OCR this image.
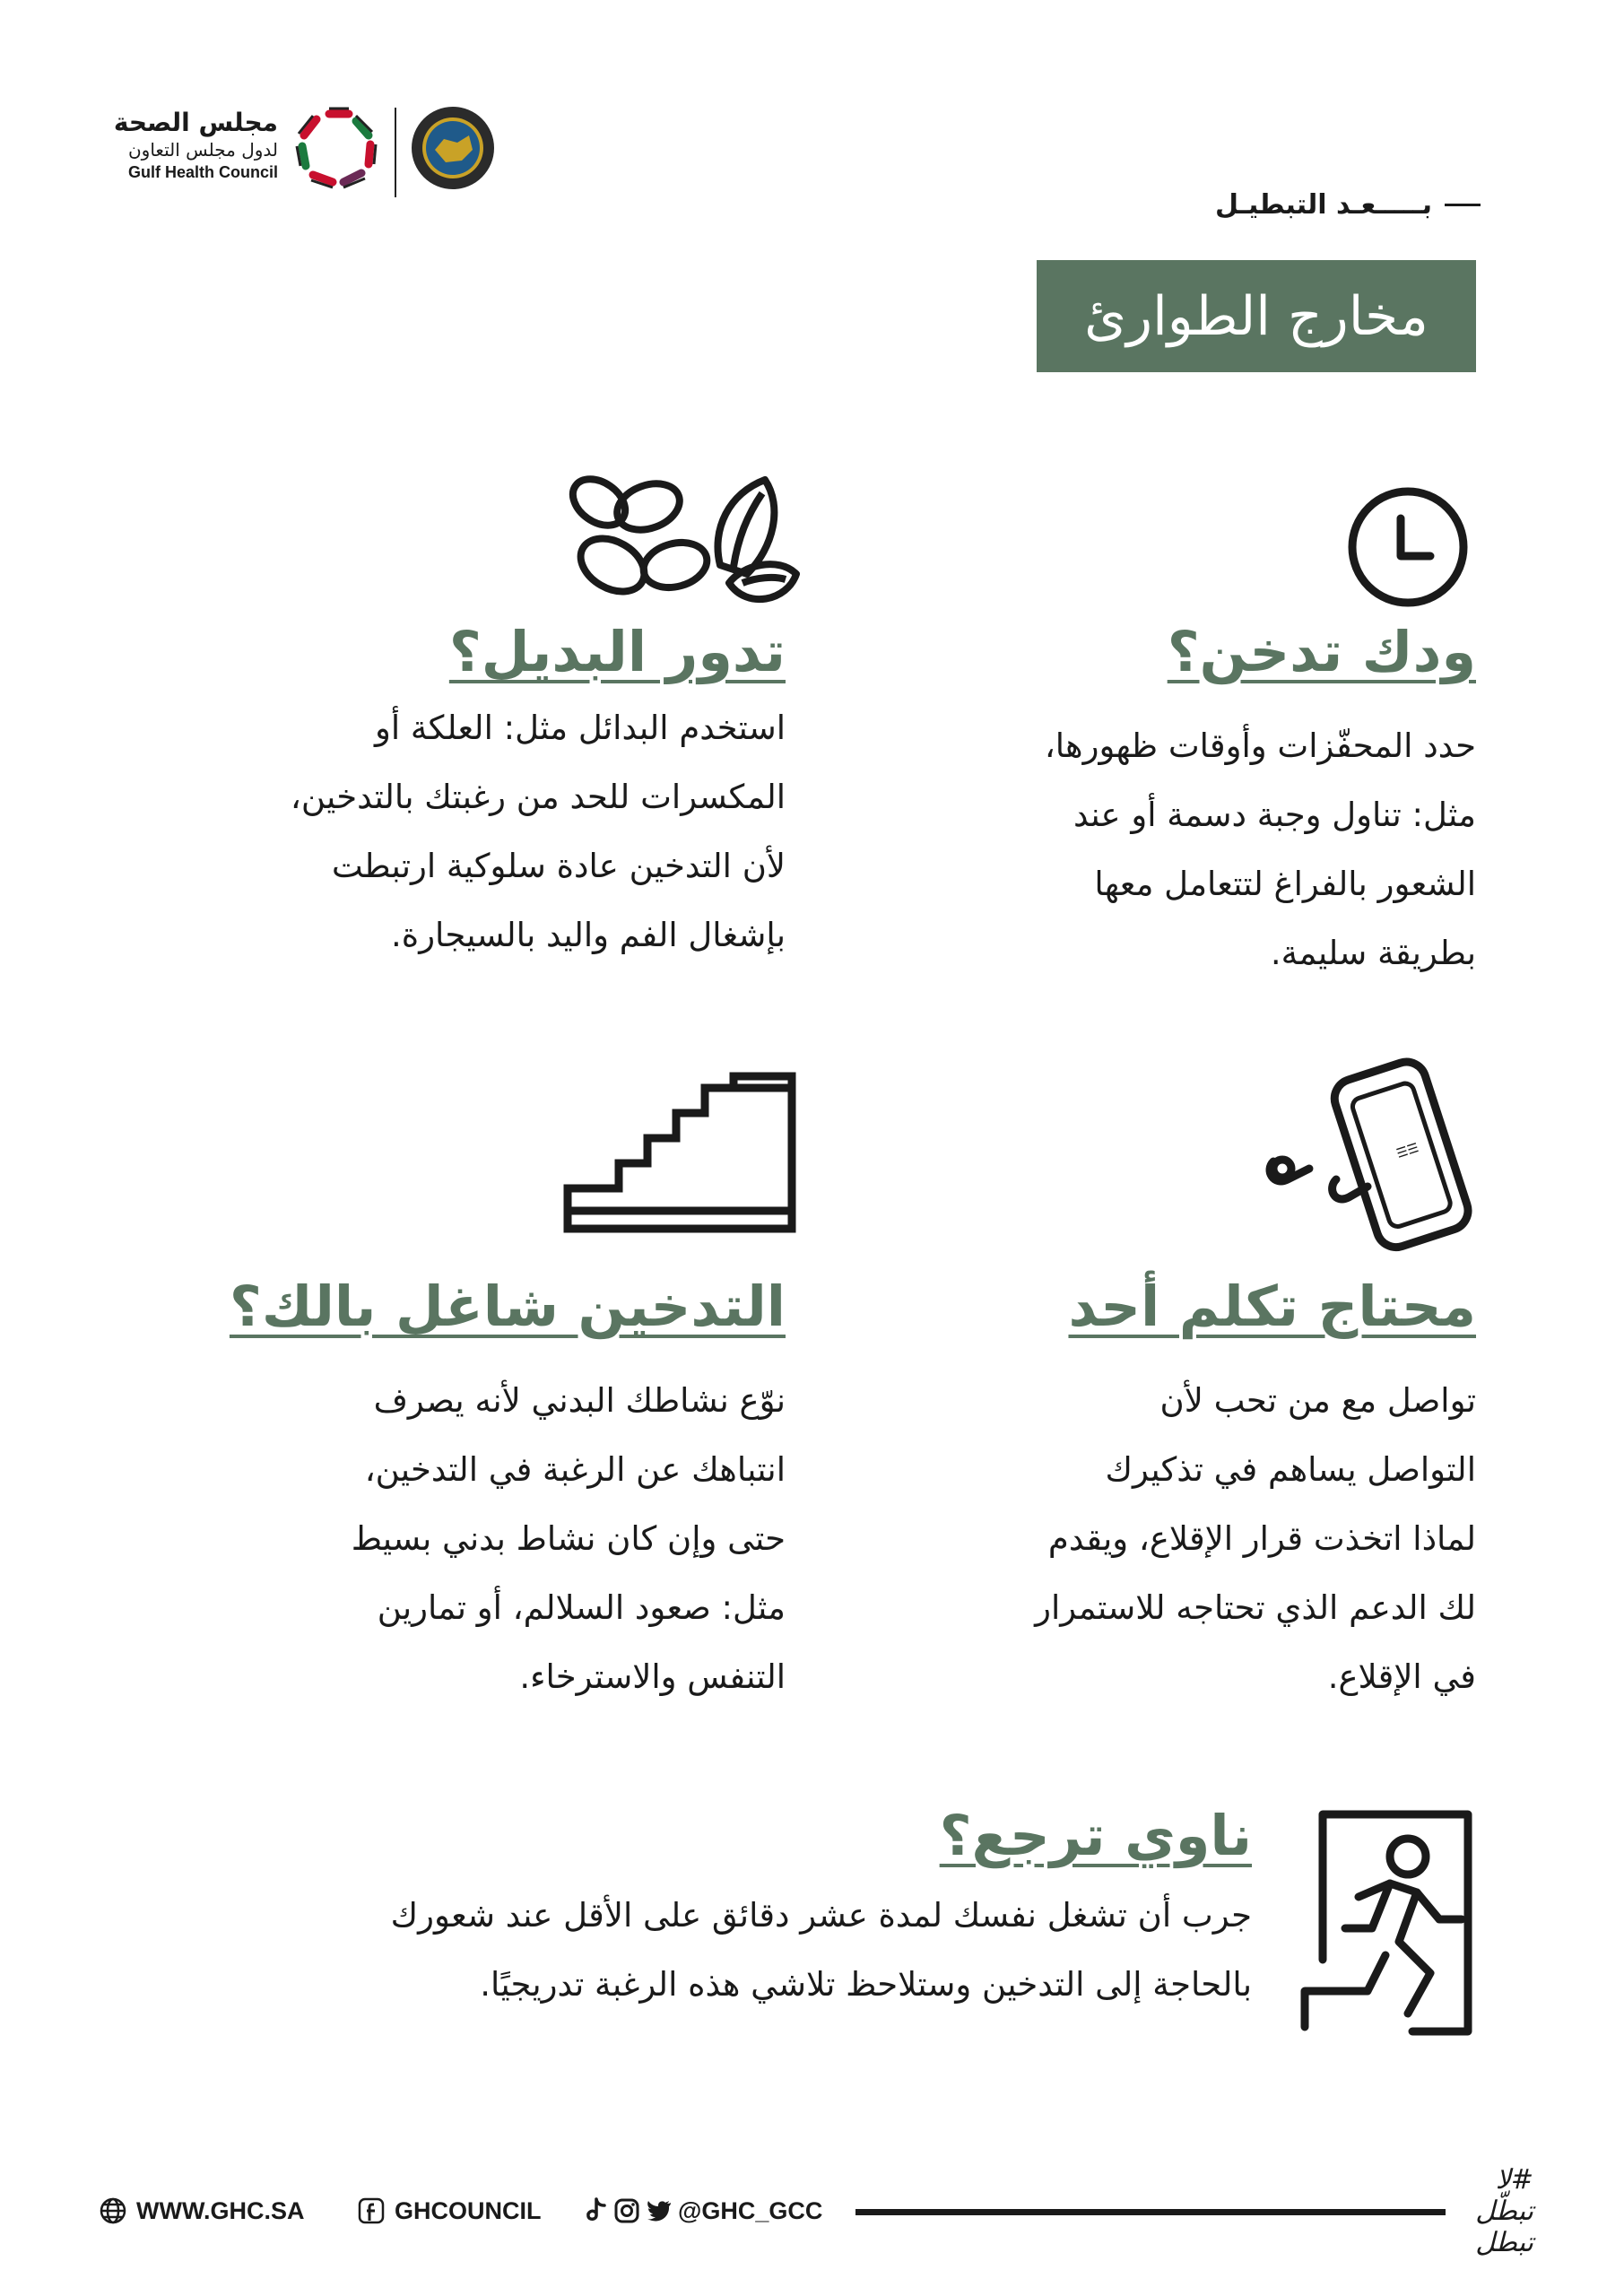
مجلس الصحة
لدول مجلس التعاون
Gulf Health Council
بـــــعـد التبطيـل
مخارج الطوارئ
☰☰
ودك تدخن؟
حدد المحفّزات وأوقات ظهورها،
مثل: تناول وجبة دسمة أو عند
الشعور بالفراغ لتتعامل معها
بطريقة سليمة.
تدور البديل؟
استخدم البدائل مثل: العلكة أو
المكسرات للحد من رغبتك بالتدخين،
لأن التدخين عادة سلوكية ارتبطت
بإشغال الفم واليد بالسيجارة.
محتاج تكلم أحد
تواصل مع من تحب لأن
التواصل يساهم في تذكيرك
لماذا اتخذت قرار الإقلاع، ويقدم
لك الدعم الذي تحتاجه للاستمرار
في الإقلاع.
التدخين شاغل بالك؟
نوّع نشاطك البدني لأنه يصرف
انتباهك عن الرغبة في التدخين،
حتى وإن كان نشاط بدني بسيط
مثل: صعود السلالم، أو تمارين
التنفس والاسترخاء.
ناوي ترجع؟
جرب أن تشغل نفسك لمدة عشر دقائق على الأقل عند شعورك
بالحاجة إلى التدخين وستلاحظ تلاشي هذه الرغبة تدريجيًا.
WWW.GHC.SA	GHCOUNCIL	@GHC_GCC
#لا تبطّل تبطل
